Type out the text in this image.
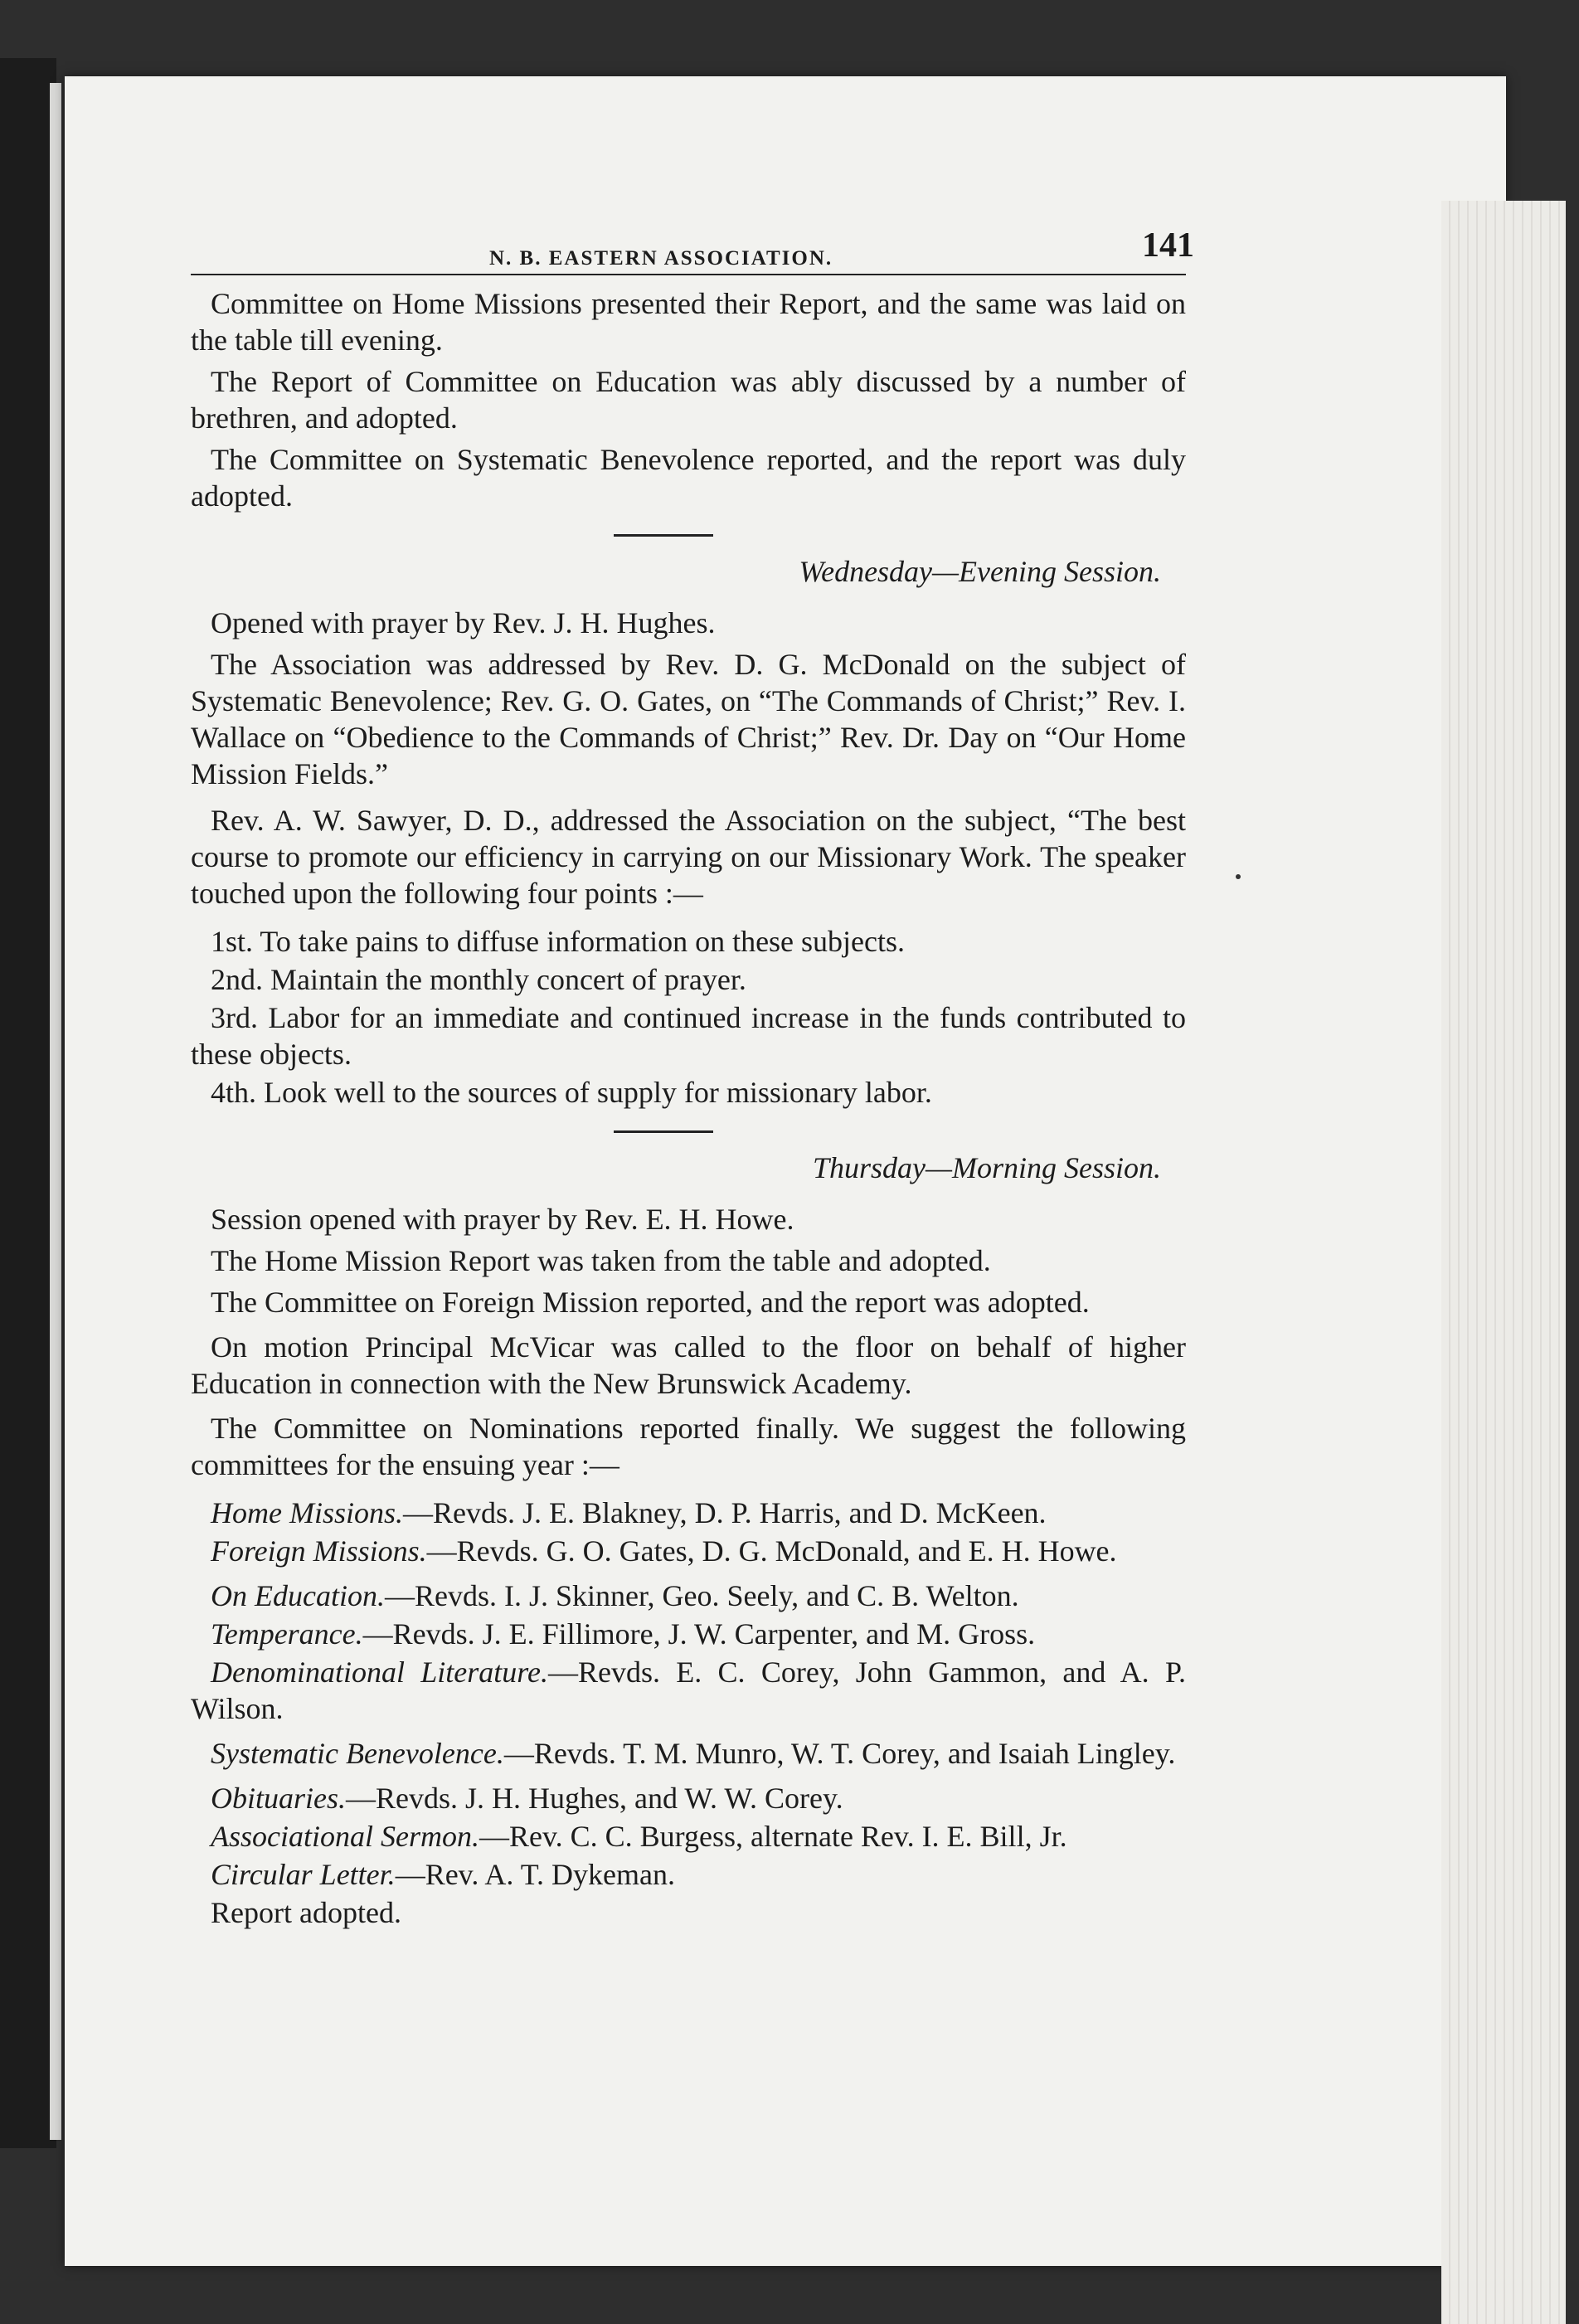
N. B. EASTERN ASSOCIATION.	141

Committee on Home Missions presented their Report, and the same was laid on the table till evening.

The Report of Committee on Education was ably discussed by a number of brethren, and adopted.

The Committee on Systematic Benevolence reported, and the report was duly adopted.

Wednesday—Evening Session.

Opened with prayer by Rev. J. H. Hughes.

The Association was addressed by Rev. D. G. McDonald on the subject of Systematic Benevolence; Rev. G. O. Gates, on “The Commands of Christ;” Rev. I. Wallace on “Obedience to the Commands of Christ;” Rev. Dr. Day on “Our Home Mission Fields.”

Rev. A. W. Sawyer, D. D., addressed the Association on the subject, “The best course to promote our efficiency in carrying on our Missionary Work. The speaker touched upon the following four points :—

1st. To take pains to diffuse information on these subjects.

2nd. Maintain the monthly concert of prayer.

3rd. Labor for an immediate and continued increase in the funds contributed to these objects.

4th. Look well to the sources of supply for missionary labor.

Thursday—Morning Session.

Session opened with prayer by Rev. E. H. Howe.

The Home Mission Report was taken from the table and adopted.

The Committee on Foreign Mission reported, and the report was adopted.

On motion Principal McVicar was called to the floor on behalf of higher Education in connection with the New Brunswick Academy.

The Committee on Nominations reported finally. We suggest the following committees for the ensuing year :—

Home Missions.—Revds. J. E. Blakney, D. P. Harris, and D. McKeen.

Foreign Missions.—Revds. G. O. Gates, D. G. McDonald, and E. H. Howe.

On Education.—Revds. I. J. Skinner, Geo. Seely, and C. B. Welton.

Temperance.—Revds. J. E. Fillimore, J. W. Carpenter, and M. Gross.

Denominational Literature.—Revds. E. C. Corey, John Gammon, and A. P. Wilson.

Systematic Benevolence.—Revds. T. M. Munro, W. T. Corey, and Isaiah Lingley.

Obituaries.—Revds. J. H. Hughes, and W. W. Corey.

Associational Sermon.—Rev. C. C. Burgess, alternate Rev. I. E. Bill, Jr.

Circular Letter.—Rev. A. T. Dykeman.

Report adopted.
